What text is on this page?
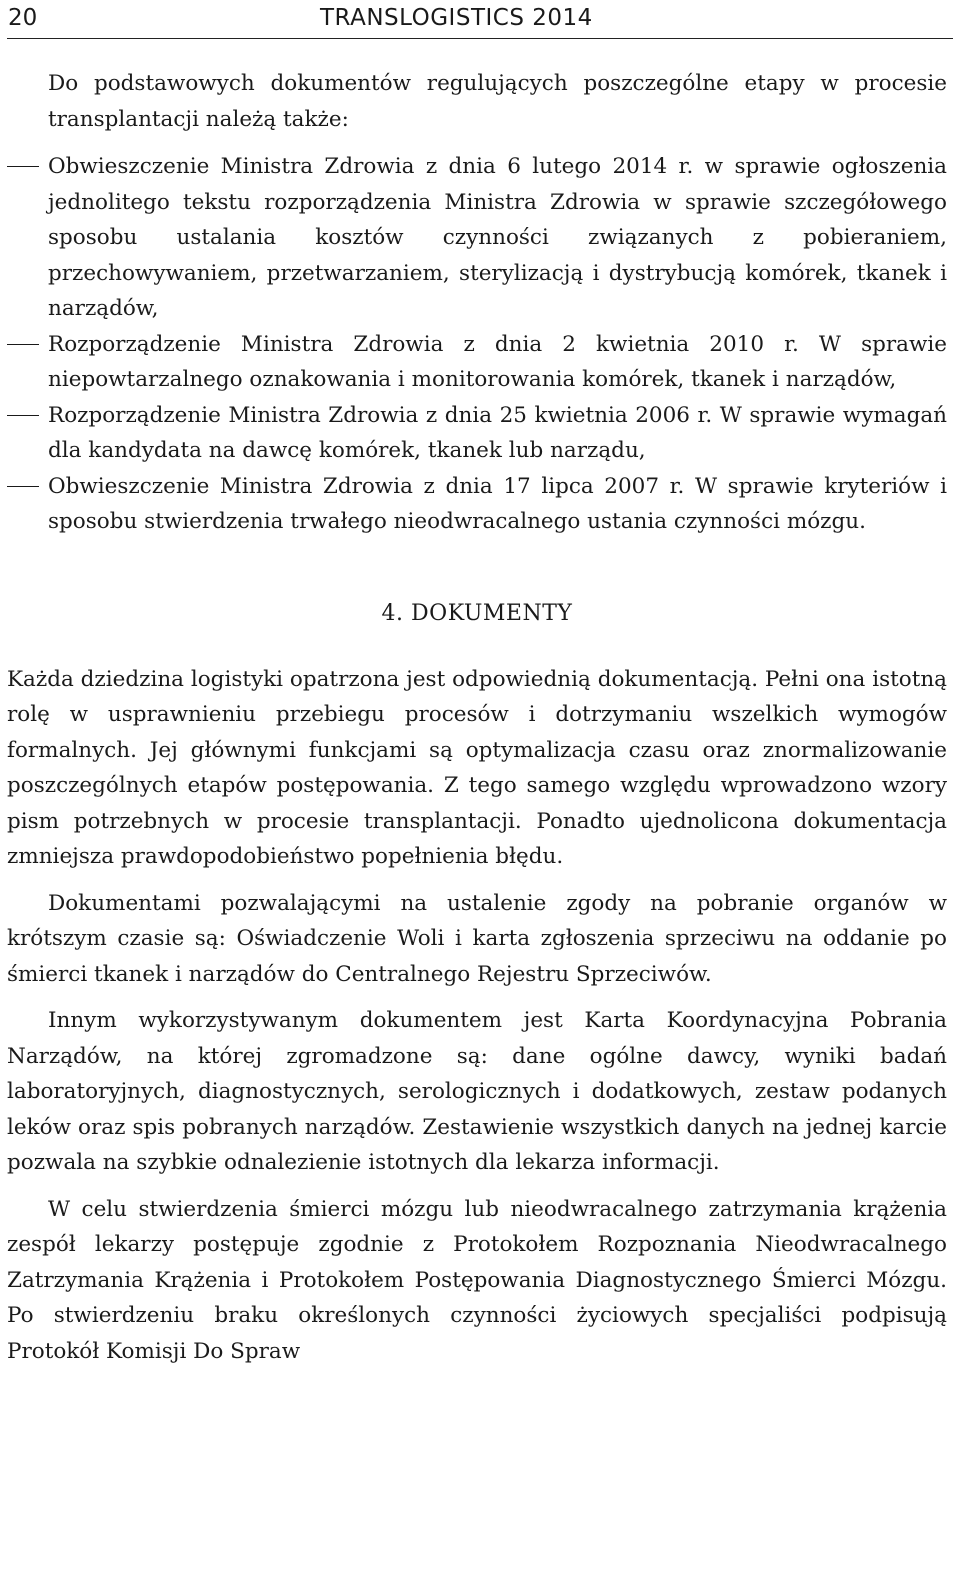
20	TRANSLOGISTICS 2014

Do podstawowych dokumentów regulujących poszczególne etapy w procesie transplantacji należą także:

Obwieszczenie Ministra Zdrowia z dnia 6 lutego 2014 r. w sprawie ogłoszenia jednolitego tekstu rozporządzenia Ministra Zdrowia w sprawie szczegółowego sposobu ustalania kosztów czynności związanych z pobieraniem, przechowywaniem, przetwarzaniem, sterylizacją i dystrybucją komórek, tkanek i narządów,
Rozporządzenie Ministra Zdrowia z dnia 2 kwietnia 2010 r. W sprawie niepowtarzalnego oznakowania i monitorowania komórek, tkanek i narządów,
Rozporządzenie Ministra Zdrowia z dnia 25 kwietnia 2006 r. W sprawie wymagań dla kandydata na dawcę komórek, tkanek lub narządu,
Obwieszczenie Ministra Zdrowia z dnia 17 lipca 2007 r. W sprawie kryteriów i sposobu stwierdzenia trwałego nieodwracalnego ustania czynności mózgu.
4. DOKUMENTY

Każda dziedzina logistyki opatrzona jest odpowiednią dokumentacją. Pełni ona istotną rolę w usprawnieniu przebiegu procesów i dotrzymaniu wszelkich wymogów formalnych. Jej głównymi funkcjami są optymalizacja czasu oraz znormalizowanie poszczególnych etapów postępowania. Z tego samego względu wprowadzono wzory pism potrzebnych w procesie transplantacji. Ponadto ujednolicona dokumentacja zmniejsza prawdopodobieństwo popełnienia błędu.

Dokumentami pozwalającymi na ustalenie zgody na pobranie organów w krótszym czasie są: Oświadczenie Woli i karta zgłoszenia sprzeciwu na oddanie po śmierci tkanek i narządów do Centralnego Rejestru Sprzeciwów.

Innym wykorzystywanym dokumentem jest Karta Koordynacyjna Pobrania Narządów, na której zgromadzone są: dane ogólne dawcy, wyniki badań laboratoryjnych, diagnostycznych, serologicznych i dodatkowych, zestaw podanych leków oraz spis pobranych narządów. Zestawienie wszystkich danych na jednej karcie pozwala na szybkie odnalezienie istotnych dla lekarza informacji.

W celu stwierdzenia śmierci mózgu lub nieodwracalnego zatrzymania krążenia zespół lekarzy postępuje zgodnie z Protokołem Rozpoznania Nieodwracalnego Zatrzymania Krążenia i Protokołem Postępowania Diagnostycznego Śmierci Mózgu. Po stwierdzeniu braku określonych czynności życiowych specjaliści podpisują Protokół Komisji Do Spraw
